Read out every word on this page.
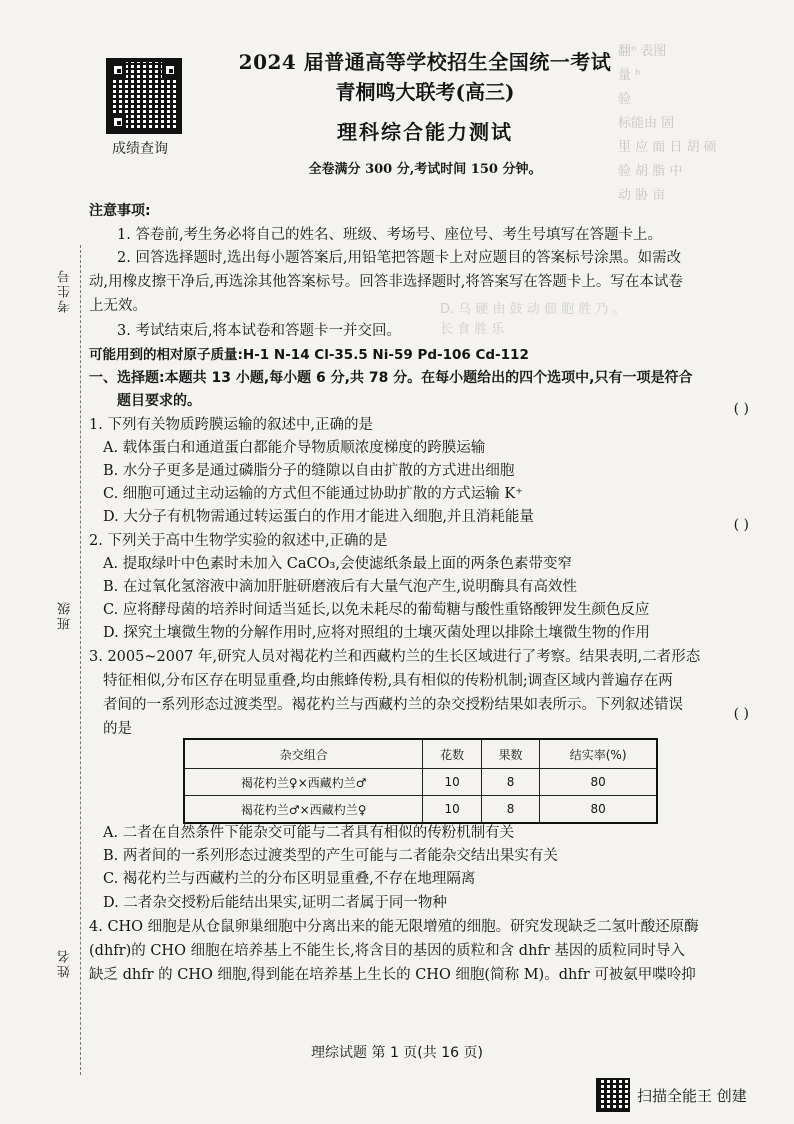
考生号
班级
姓名
成绩查询
2024 届普通高等学校招生全国统一考试
青桐鸣大联考(高三)
理科综合能力测试
全卷满分 300 分,考试时间 150 分钟。
翻ⁿ 表图
量 ᵇ
验
标能由 固
里 应 面 日 胡 硕
验 胡 脂 中
动 胁 亩
D. 乌 硬 由 鼓 动 佃 胞 胜 乃 。
长 食 胜 乐
注意事项:
1. 答卷前,考生务必将自己的姓名、班级、考场号、座位号、考生号填写在答题卡上。
2. 回答选择题时,选出每小题答案后,用铅笔把答题卡上对应题目的答案标号涂黑。如需改
动,用橡皮擦干净后,再选涂其他答案标号。回答非选择题时,将答案写在答题卡上。写在本试卷
上无效。
3. 考试结束后,将本试卷和答题卡一并交回。
可能用到的相对原子质量:H-1 N-14 Cl-35.5 Ni-59 Pd-106 Cd-112
一、选择题:本题共 13 小题,每小题 6 分,共 78 分。在每小题给出的四个选项中,只有一项是符合
题目要求的。
1. 下列有关物质跨膜运输的叙述中,正确的是
( )
A. 载体蛋白和通道蛋白都能介导物质顺浓度梯度的跨膜运输
B. 水分子更多是通过磷脂分子的缝隙以自由扩散的方式进出细胞
C. 细胞可通过主动运输的方式但不能通过协助扩散的方式运输 K⁺
D. 大分子有机物需通过转运蛋白的作用才能进入细胞,并且消耗能量
2. 下列关于高中生物学实验的叙述中,正确的是
( )
A. 提取绿叶中色素时未加入 CaCO₃,会使滤纸条最上面的两条色素带变窄
B. 在过氧化氢溶液中滴加肝脏研磨液后有大量气泡产生,说明酶具有高效性
C. 应将酵母菌的培养时间适当延长,以免未耗尽的葡萄糖与酸性重铬酸钾发生颜色反应
D. 探究土壤微生物的分解作用时,应将对照组的土壤灭菌处理以排除土壤微生物的作用
3. 2005~2007 年,研究人员对褐花杓兰和西藏杓兰的生长区域进行了考察。结果表明,二者形态
特征相似,分布区存在明显重叠,均由熊蜂传粉,具有相似的传粉机制;调查区域内普遍存在两
者间的一系列形态过渡类型。褐花杓兰与西藏杓兰的杂交授粉结果如表所示。下列叙述错误
的是
( )
杂交组合	花数	果数	结实率(%)
褐花杓兰♀×西藏杓兰♂	10	8	80
褐花杓兰♂×西藏杓兰♀	10	8	80
A. 二者在自然条件下能杂交可能与二者具有相似的传粉机制有关
B. 两者间的一系列形态过渡类型的产生可能与二者能杂交结出果实有关
C. 褐花杓兰与西藏杓兰的分布区明显重叠,不存在地理隔离
D. 二者杂交授粉后能结出果实,证明二者属于同一物种
4. CHO 细胞是从仓鼠卵巢细胞中分离出来的能无限增殖的细胞。研究发现缺乏二氢叶酸还原酶
(dhfr)的 CHO 细胞在培养基上不能生长,将含目的基因的质粒和含 dhfr 基因的质粒同时导入
缺乏 dhfr 的 CHO 细胞,得到能在培养基上生长的 CHO 细胞(简称 M)。dhfr 可被氨甲喋呤抑
理综试题 第 1 页(共 16 页)
扫描全能王 创建
